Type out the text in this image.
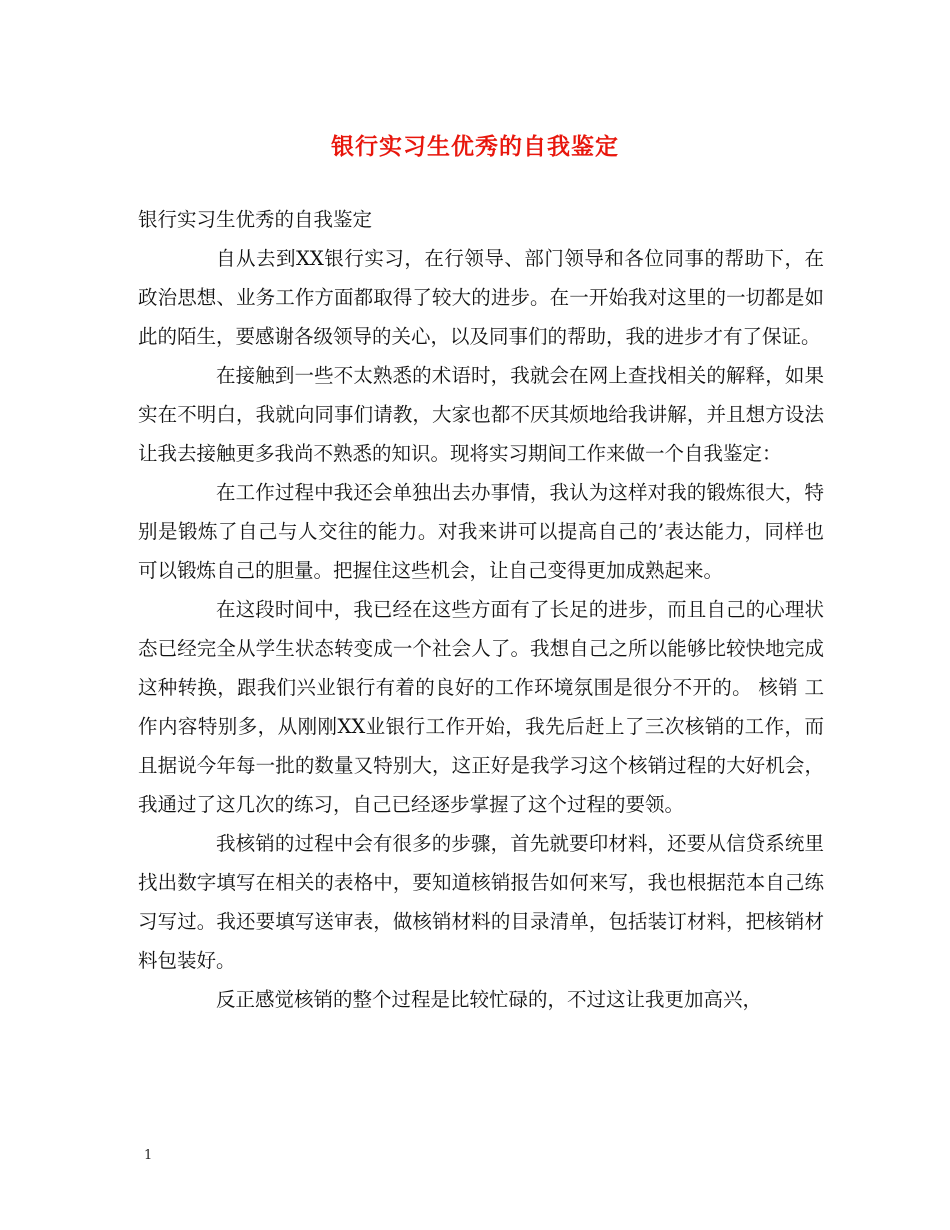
银行实习生优秀的自我鉴定

银行实习生优秀的自我鉴定

自从去到XX银行实习，在行领导、部门领导和各位同事的帮助下，在政治思想、业务工作方面都取得了较大的进步。在一开始我对这里的一切都是如此的陌生，要感谢各级领导的关心，以及同事们的帮助，我的进步才有了保证。

在接触到一些不太熟悉的术语时，我就会在网上查找相关的解释，如果实在不明白，我就向同事们请教，大家也都不厌其烦地给我讲解，并且想方设法让我去接触更多我尚不熟悉的知识。现将实习期间工作来做一个自我鉴定：

在工作过程中我还会单独出去办事情，我认为这样对我的锻炼很大，特别是锻炼了自己与人交往的能力。对我来讲可以提高自己的’表达能力，同样也可以锻炼自己的胆量。把握住这些机会，让自己变得更加成熟起来。

在这段时间中，我已经在这些方面有了长足的进步，而且自己的心理状态已经完全从学生状态转变成一个社会人了。我想自己之所以能够比较快地完成这种转换，跟我们兴业银行有着的良好的工作环境氛围是很分不开的。 核销 工作内容特别多，从刚刚XX业银行工作开始，我先后赶上了三次核销的工作，而且据说今年每一批的数量又特别大，这正好是我学习这个核销过程的大好机会，我通过了这几次的练习，自己已经逐步掌握了这个过程的要领。

我核销的过程中会有很多的步骤，首先就要印材料，还要从信贷系统里找出数字填写在相关的表格中，要知道核销报告如何来写，我也根据范本自己练习写过。我还要填写送审表，做核销材料的目录清单，包括装订材料，把核销材料包装好。

反正感觉核销的整个过程是比较忙碌的，不过这让我更加高兴，

1
